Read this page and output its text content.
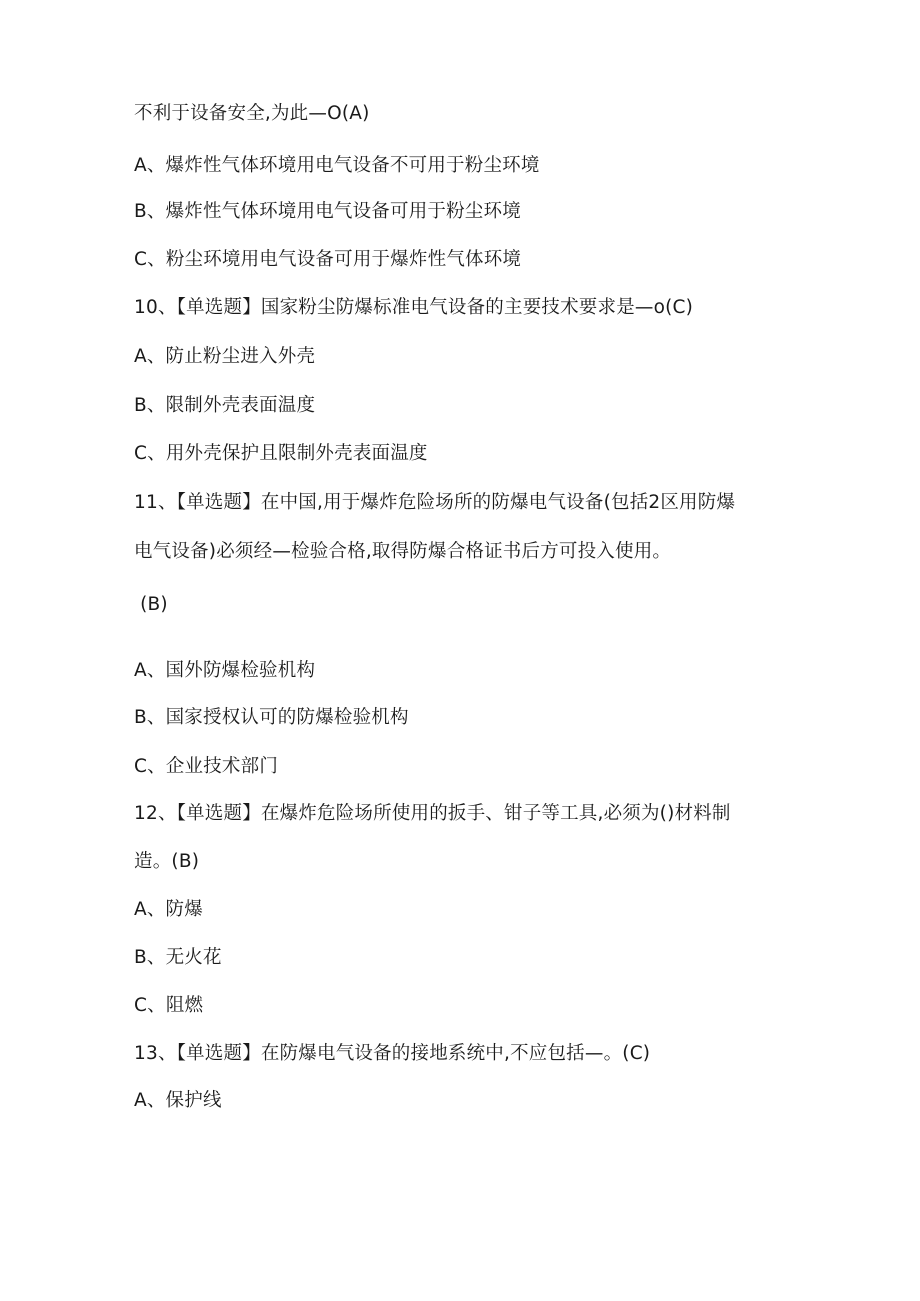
不利于设备安全,为此—O(A)
A、爆炸性气体环境用电气设备不可用于粉尘环境
B、爆炸性气体环境用电气设备可用于粉尘环境
C、粉尘环境用电气设备可用于爆炸性气体环境
10、【单选题】国家粉尘防爆标准电气设备的主要技术要求是—o(C)
A、防止粉尘进入外壳
B、限制外壳表面温度
C、用外壳保护且限制外壳表面温度
11、【单选题】在中国,用于爆炸危险场所的防爆电气设备(包括2区用防爆
电气设备)必须经—检验合格,取得防爆合格证书后方可投入使用。
(B)
A、国外防爆检验机构
B、国家授权认可的防爆检验机构
C、企业技术部门
12、【单选题】在爆炸危险场所使用的扳手、钳子等工具,必须为()材料制
造。(B)
A、防爆
B、无火花
C、阻燃
13、【单选题】在防爆电气设备的接地系统中,不应包括—。(C)
A、保护线
